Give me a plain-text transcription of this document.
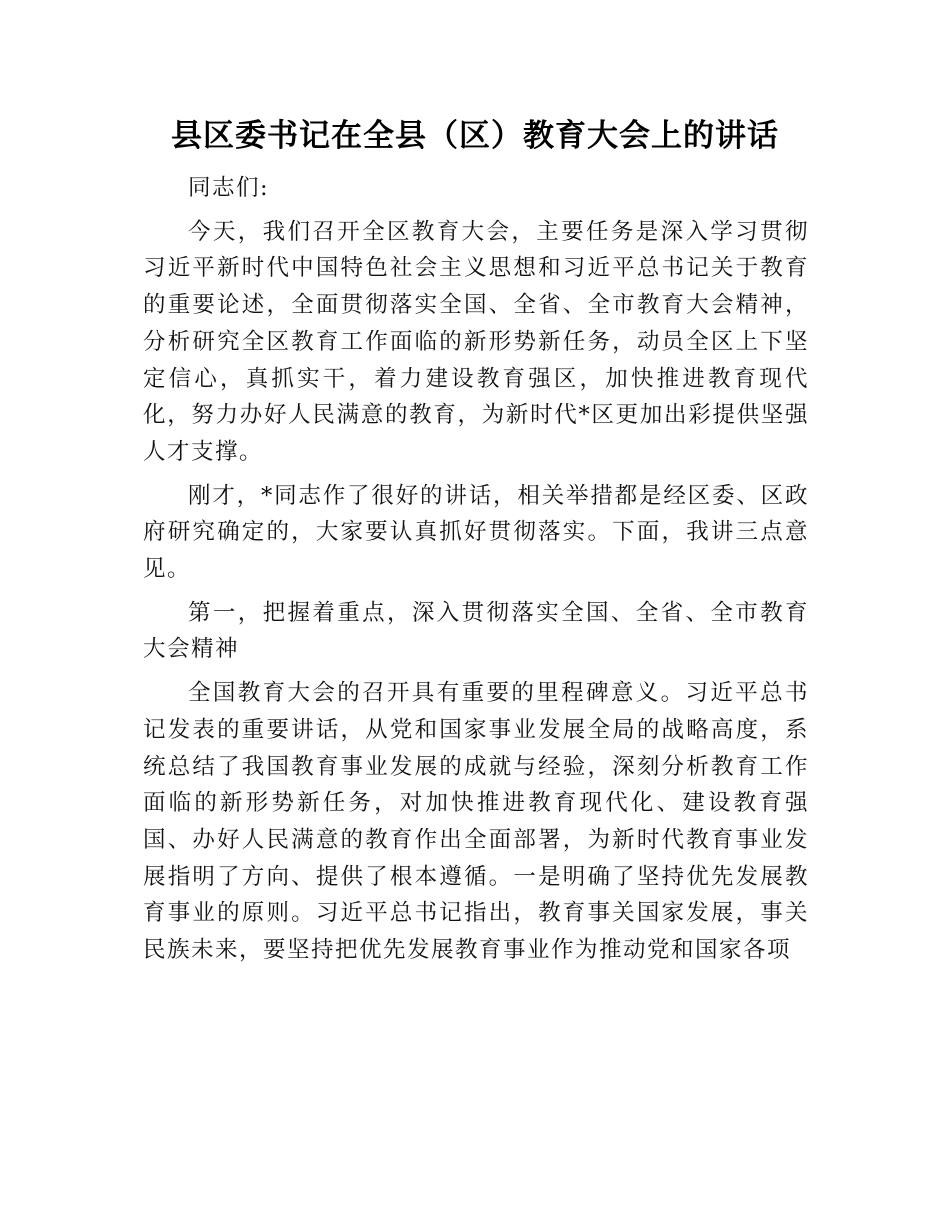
县区委书记在全县（区）教育大会上的讲话

同志们:

今天，我们召开全区教育大会，主要任务是深入学习贯彻习近平新时代中国特色社会主义思想和习近平总书记关于教育的重要论述，全面贯彻落实全国、全省、全市教育大会精神，分析研究全区教育工作面临的新形势新任务，动员全区上下坚定信心，真抓实干，着力建设教育强区，加快推进教育现代化，努力办好人民满意的教育，为新时代*区更加出彩提供坚强人才支撑。

刚才，*同志作了很好的讲话，相关举措都是经区委、区政府研究确定的，大家要认真抓好贯彻落实。下面，我讲三点意见。

第一，把握着重点，深入贯彻落实全国、全省、全市教育大会精神

全国教育大会的召开具有重要的里程碑意义。习近平总书记发表的重要讲话，从党和国家事业发展全局的战略高度，系统总结了我国教育事业发展的成就与经验，深刻分析教育工作面临的新形势新任务，对加快推进教育现代化、建设教育强国、办好人民满意的教育作出全面部署，为新时代教育事业发展指明了方向、提供了根本遵循。一是明确了坚持优先发展教育事业的原则。习近平总书记指出，教育事关国家发展，事关民族未来，要坚持把优先发展教育事业作为推动党和国家各项
